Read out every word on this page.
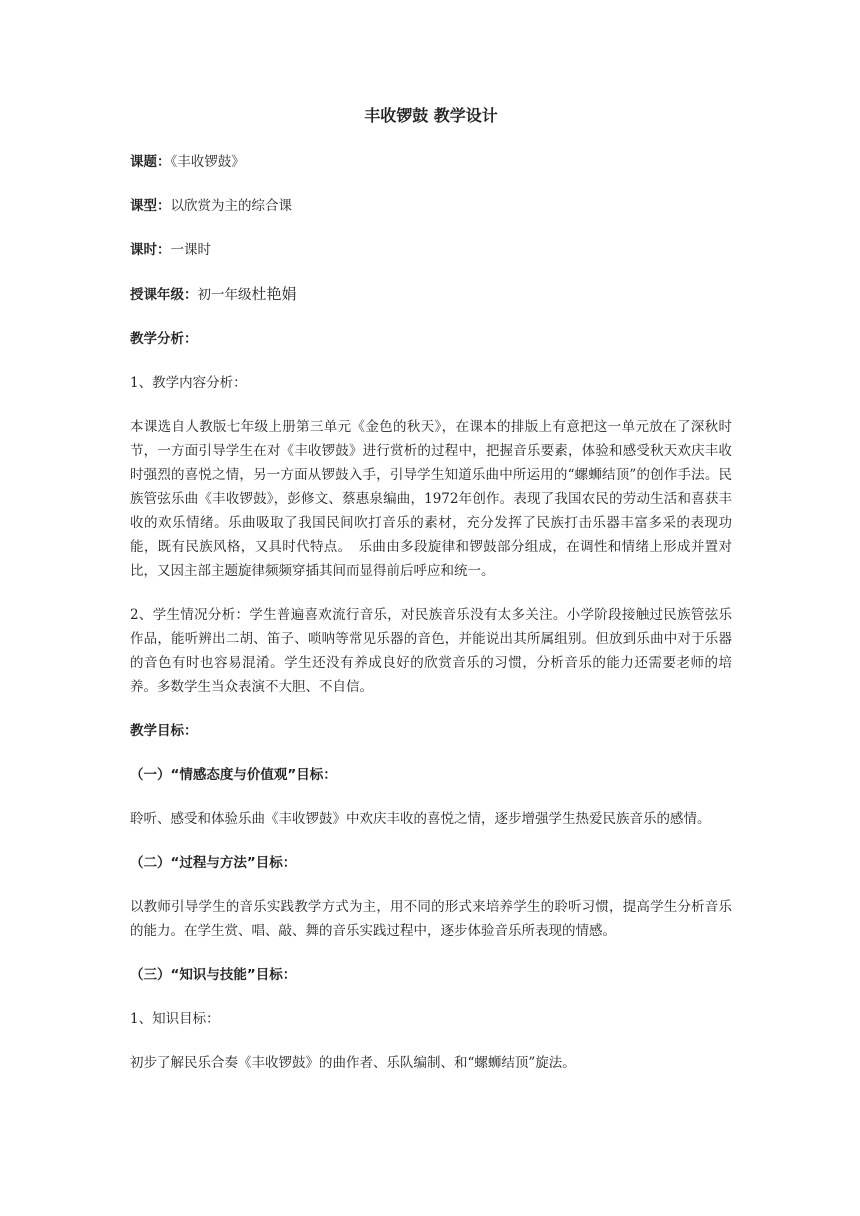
丰收锣鼓 教学设计
课题：《丰收锣鼓》
课型：以欣赏为主的综合课
课时：一课时
授课年级：初一年级杜艳娟
教学分析：
1、教学内容分析：
本课选自人教版七年级上册第三单元《金色的秋天》，在课本的排版上有意把这一单元放在了深秋时节，一方面引导学生在对《丰收锣鼓》进行赏析的过程中，把握音乐要素，体验和感受秋天欢庆丰收时强烈的喜悦之情，另一方面从锣鼓入手，引导学生知道乐曲中所运用的“螺蛳结顶”的创作手法。民族管弦乐曲《丰收锣鼓》，彭修文、蔡惠泉编曲，1972年创作。表现了我国农民的劳动生活和喜获丰收的欢乐情绪。乐曲吸取了我国民间吹打音乐的素材，充分发挥了民族打击乐器丰富多采的表现功能，既有民族风格，又具时代特点。　乐曲由多段旋律和锣鼓部分组成，在调性和情绪上形成并置对比，又因主部主题旋律频频穿插其间而显得前后呼应和统一。
2、学生情况分析：学生普遍喜欢流行音乐，对民族音乐没有太多关注。小学阶段接触过民族管弦乐作品，能听辨出二胡、笛子、唢呐等常见乐器的音色，并能说出其所属组别。但放到乐曲中对于乐器的音色有时也容易混淆。学生还没有养成良好的欣赏音乐的习惯，分析音乐的能力还需要老师的培养。多数学生当众表演不大胆、不自信。
教学目标：
（一）“情感态度与价值观”目标：
聆听、感受和体验乐曲《丰收锣鼓》中欢庆丰收的喜悦之情，逐步增强学生热爱民族音乐的感情。
（二）“过程与方法”目标：
以教师引导学生的音乐实践教学方式为主，用不同的形式来培养学生的聆听习惯，提高学生分析音乐的能力。在学生赏、唱、敲、舞的音乐实践过程中，逐步体验音乐所表现的情感。
（三）“知识与技能”目标：
1、知识目标：
初步了解民乐合奏《丰收锣鼓》的曲作者、乐队编制、和“螺蛳结顶”旋法。
